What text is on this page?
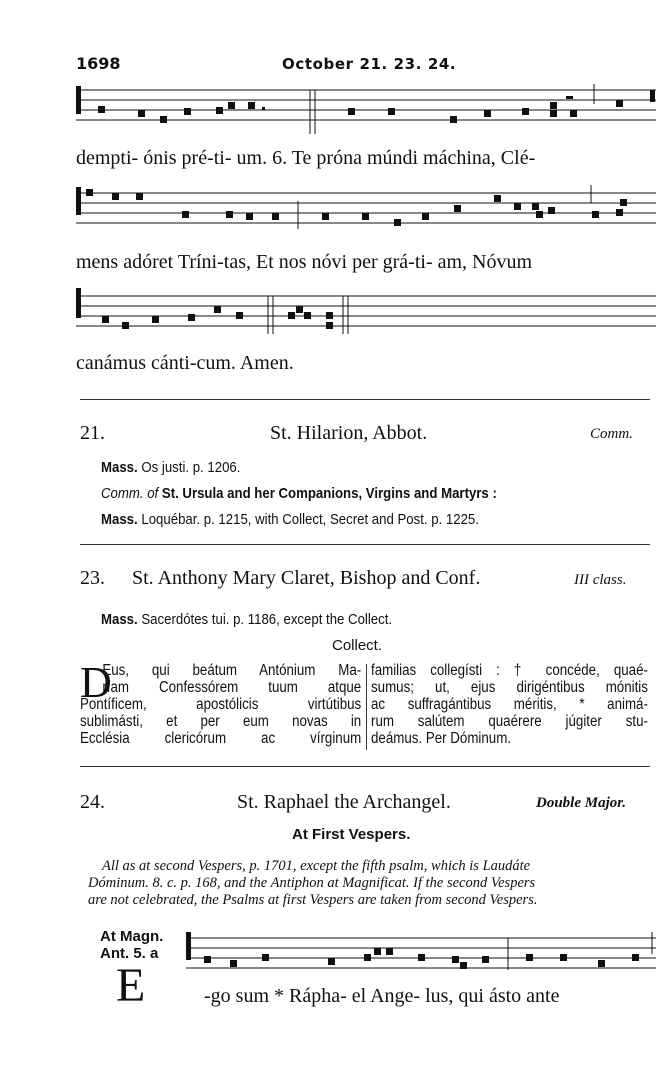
1698	October 21. 23. 24.
dempti- ónis pré-ti- um. 6. Te próna múndi máchina, Clé-
mens adóret Tríni-tas, Et nos nóvi per grá-ti- am, Nóvum
canámus cánti-cum. Amen.
21.	St. Hilarion, Abbot.	Comm.
Mass. Os justi. p. 1206.
Comm. of St. Ursula and her Companions, Virgins and Martyrs :
Mass. Loquébar. p. 1215, with Collect, Secret and Post. p. 1225.
23. St. Anthony Mary Claret, Bishop and Conf.	III class.
Mass. Sacerdótes tui. p. 1186, except the Collect.
Collect.
D
Eus, qui beátum Antónium Ma-
ríam Confessórem tuum atque
Pontíficem, apostólicis virtútibus
sublimásti, et per eum novas in
Ecclésia clericórum ac vírginum
familias collegísti : † concéde, quaé-
sumus; ut, ejus dirigéntibus mónitis
ac suffragántibus méritis, * animá-
rum salútem quaérere júgiter stu-
deámus. Per Dóminum.
24.	St. Raphael the Archangel.	Double Major.
At First Vespers.
All as at second Vespers, p. 1701, except the fifth psalm, which is Laudáte
Dóminum. 8. c. p. 168, and the Antiphon at Magnificat. If the second Vespers
are not celebrated, the Psalms at first Vespers are taken from second Vespers.
At Magn.
Ant. 5. a
E	-go sum * Rápha- el Ange- lus, qui ásto ante
